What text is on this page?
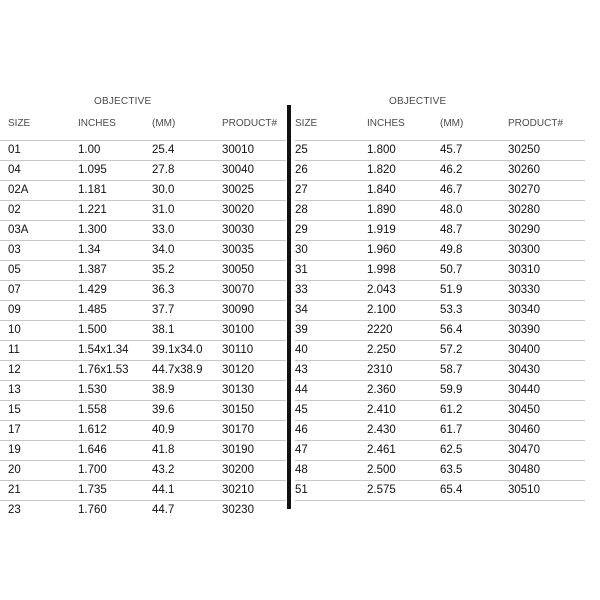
OBJECTIVE
SIZE	INCHES	(MM)	PRODUCT#
01	1.00	25.4	30010
04	1.095	27.8	30040
02A	1.181	30.0	30025
02	1.221	31.0	30020
03A	1.300	33.0	30030
03	1.34	34.0	30035
05	1.387	35.2	30050
07	1.429	36.3	30070
09	1.485	37.7	30090
10	1.500	38.1	30100
11	1.54x1.34 39.1x34.0 30110
12	1.76x1.53 44.7x38.9 30120
13	1.530	38.9	30130
15	1.558	39.6	30150
17	1.612	40.9	30170
19	1.646	41.8	30190
20	1.700	43.2	30200
21	1.735	44.1	30210
23	1.760	44.7	30230
OBJECTIVE
SIZE	INCHES	(MM)	PRODUCT#
25	1.800	45.7	30250
26	1.820	46.2	30260
27	1.840	46.7	30270
28	1.890	48.0	30280
29	1.919	48.7	30290
30	1.960	49.8	30300
31	1.998	50.7	30310
33	2.043	51.9	30330
34	2.100	53.3	30340
39	2220	56.4	30390
40	2.250	57.2	30400
43	2310	58.7	30430
44	2.360	59.9	30440
45	2.410	61.2	30450
46	2.430	61.7	30460
47	2.461	62.5	30470
48	2.500	63.5	30480
51	2.575	65.4	30510
